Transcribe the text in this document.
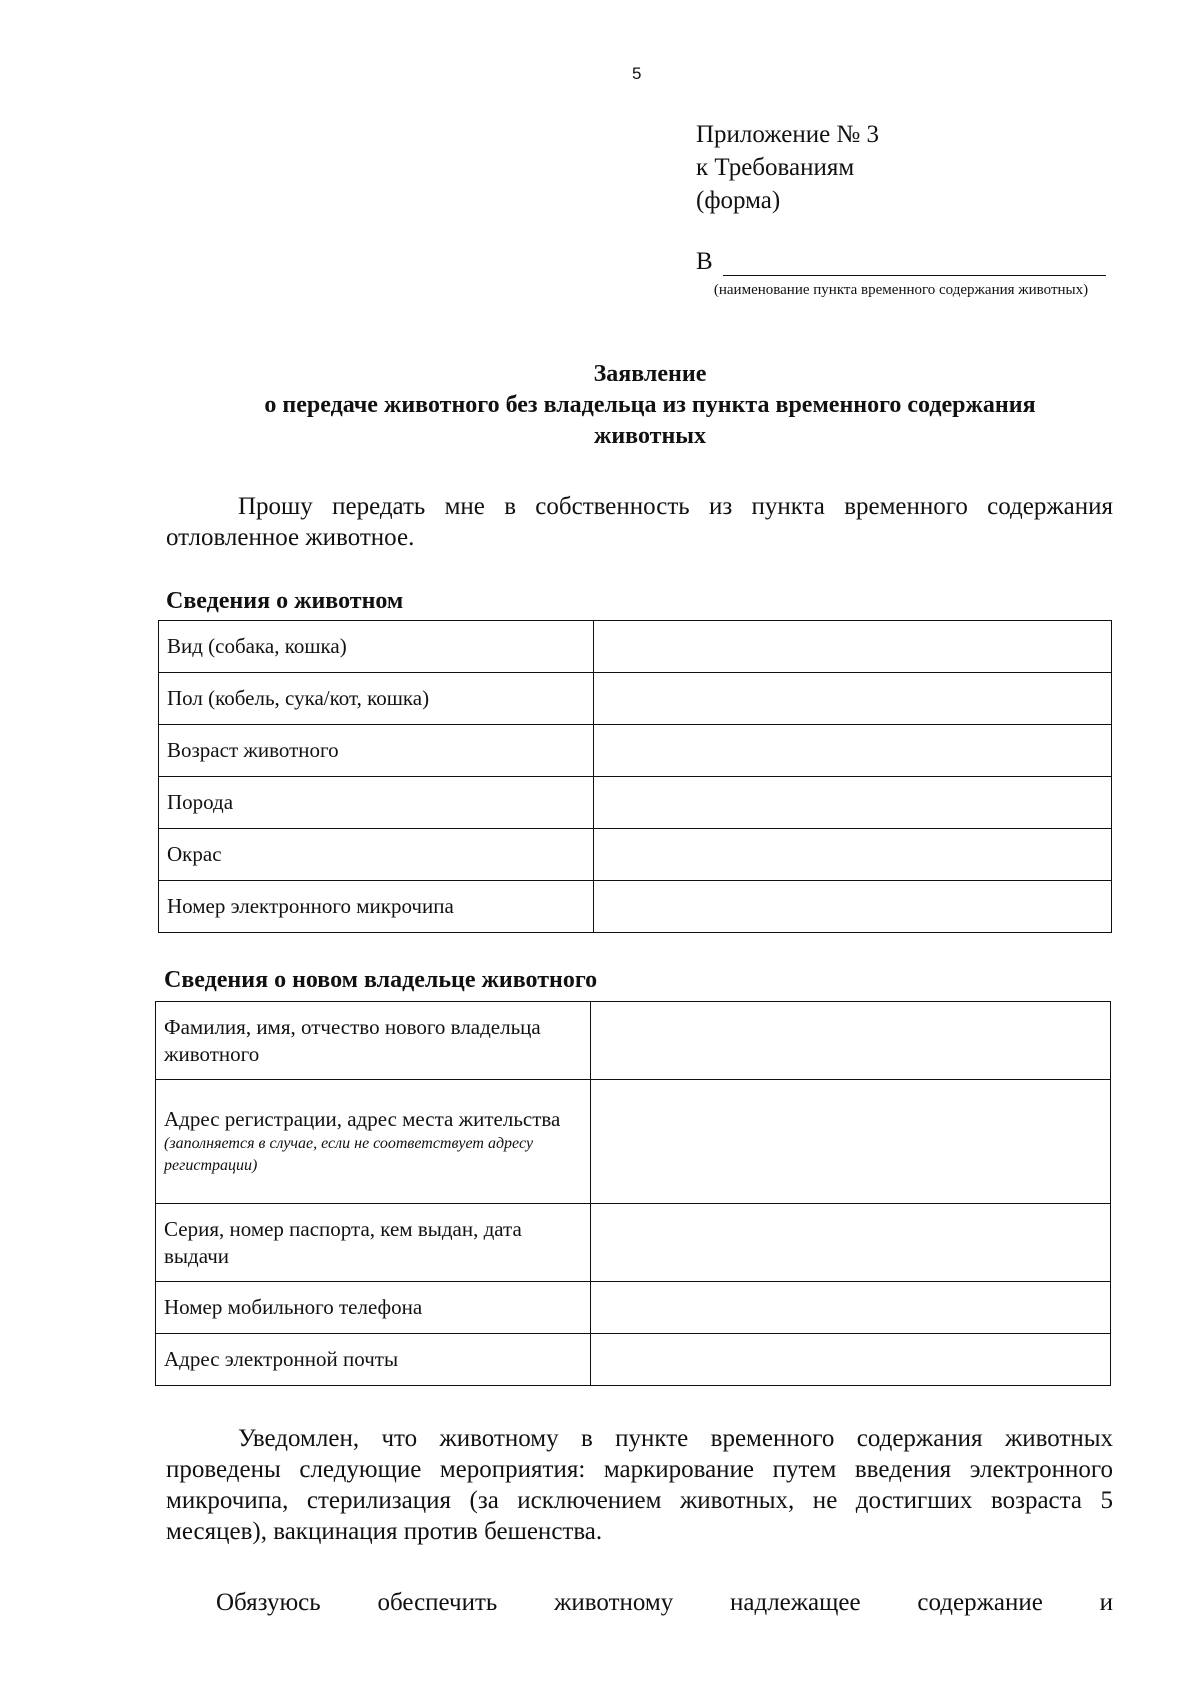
5
Приложение № 3
к Требованиям
(форма)
В
(наименование пункта временного содержания животных)
Заявление
о передаче животного без владельца из пункта временного содержания
животных
Прошу передать мне в собственность из пункта временного содержания отловленное животное.
Сведения о животном
Вид (собака, кошка)	
Пол (кобель, сука/кот, кошка)	
Возраст животного	
Порода	
Окрас	
Номер электронного микрочипа	
Сведения о новом владельце животного
Фамилия, имя, отчество нового владельца животного	
Адрес регистрации, адрес места жительства
(заполняется в случае, если не соответствует адресу регистрации)	

Серия, номер паспорта, кем выдан, дата выдачи	
Номер мобильного телефона	
Адрес электронной почты	
Уведомлен, что животному в пункте временного содержания животных проведены следующие мероприятия: маркирование путем введения электронного микрочипа, стерилизация (за исключением животных, не достигших возраста 5 месяцев), вакцинация против бешенства.
Обязуюсь обеспечить животному надлежащее содержание и
